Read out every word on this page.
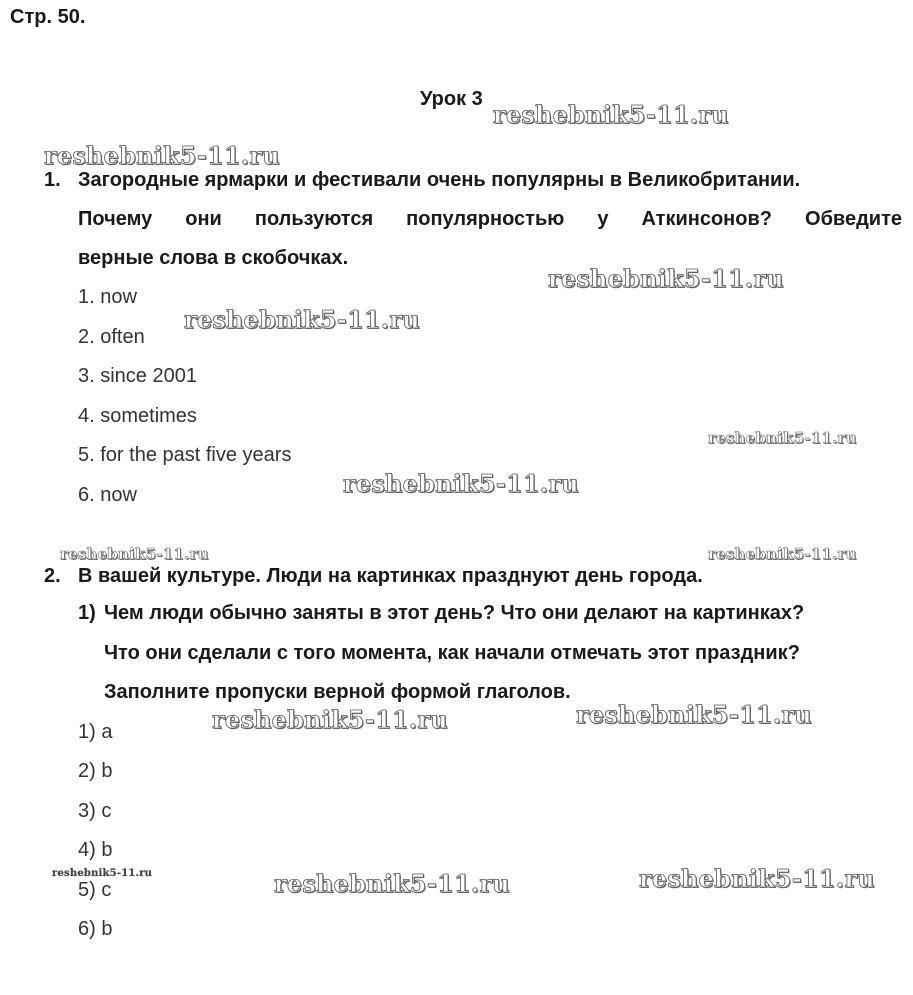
Стр. 50.
Урок 3
1. Загородные ярмарки и фестивали очень популярны в Великобритании.
Почему они пользуются популярностью у Аткинсонов? Обведите
верные слова в скобочках.
1. now
2. often
3. since 2001
4. sometimes
5. for the past five years
6. now
2. В вашей культуре. Люди на картинках празднуют день города.
1) Чем люди обычно заняты в этот день? Что они делают на картинках?
Что они сделали с того момента, как начали отмечать этот праздник?
Заполните пропуски верной формой глаголов.
1) a
2) b
3) c
4) b
5) c
6) b
reshebnik5-11.ru
reshebnik5-11.ru
reshebnik5-11.ru
reshebnik5-11.ru
reshebnik5-11.ru
reshebnik5-11.ru
reshebnik5-11.ru	reshebnik5-11.ru
reshebnik5-11.ru	reshebnik5-11.ru
reshebnik5-11.ru	reshebnik5-11.ru	reshebnik5-11.ru
